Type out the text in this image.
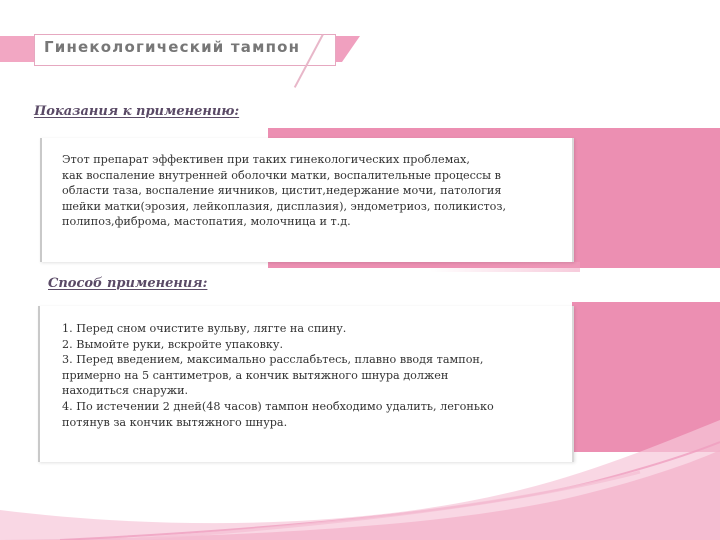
Гинекологический тампон
Показания к применению:
Этот препарат эффективен при таких гинекологических проблемах,
как воспаление внутренней оболочки матки, воспалительные процессы в
области таза, воспаление яичников, цистит,недержание мочи, патология
шейки матки(эрозия, лейкоплазия, дисплазия), эндометриоз, поликистоз,
полипоз,фиброма, мастопатия, молочница и т.д.
Способ применения:
1. Перед сном очистите вульву, лягте на спину.
2. Вымойте руки, вскройте упаковку.
3. Перед введением, максимально расслабьтесь, плавно вводя тампон,
примерно на 5 сантиметров, а кончик вытяжного шнура должен
находиться снаружи.
4. По истечении 2 дней(48 часов) тампон необходимо удалить, легонько
потянув за кончик вытяжного шнура.
